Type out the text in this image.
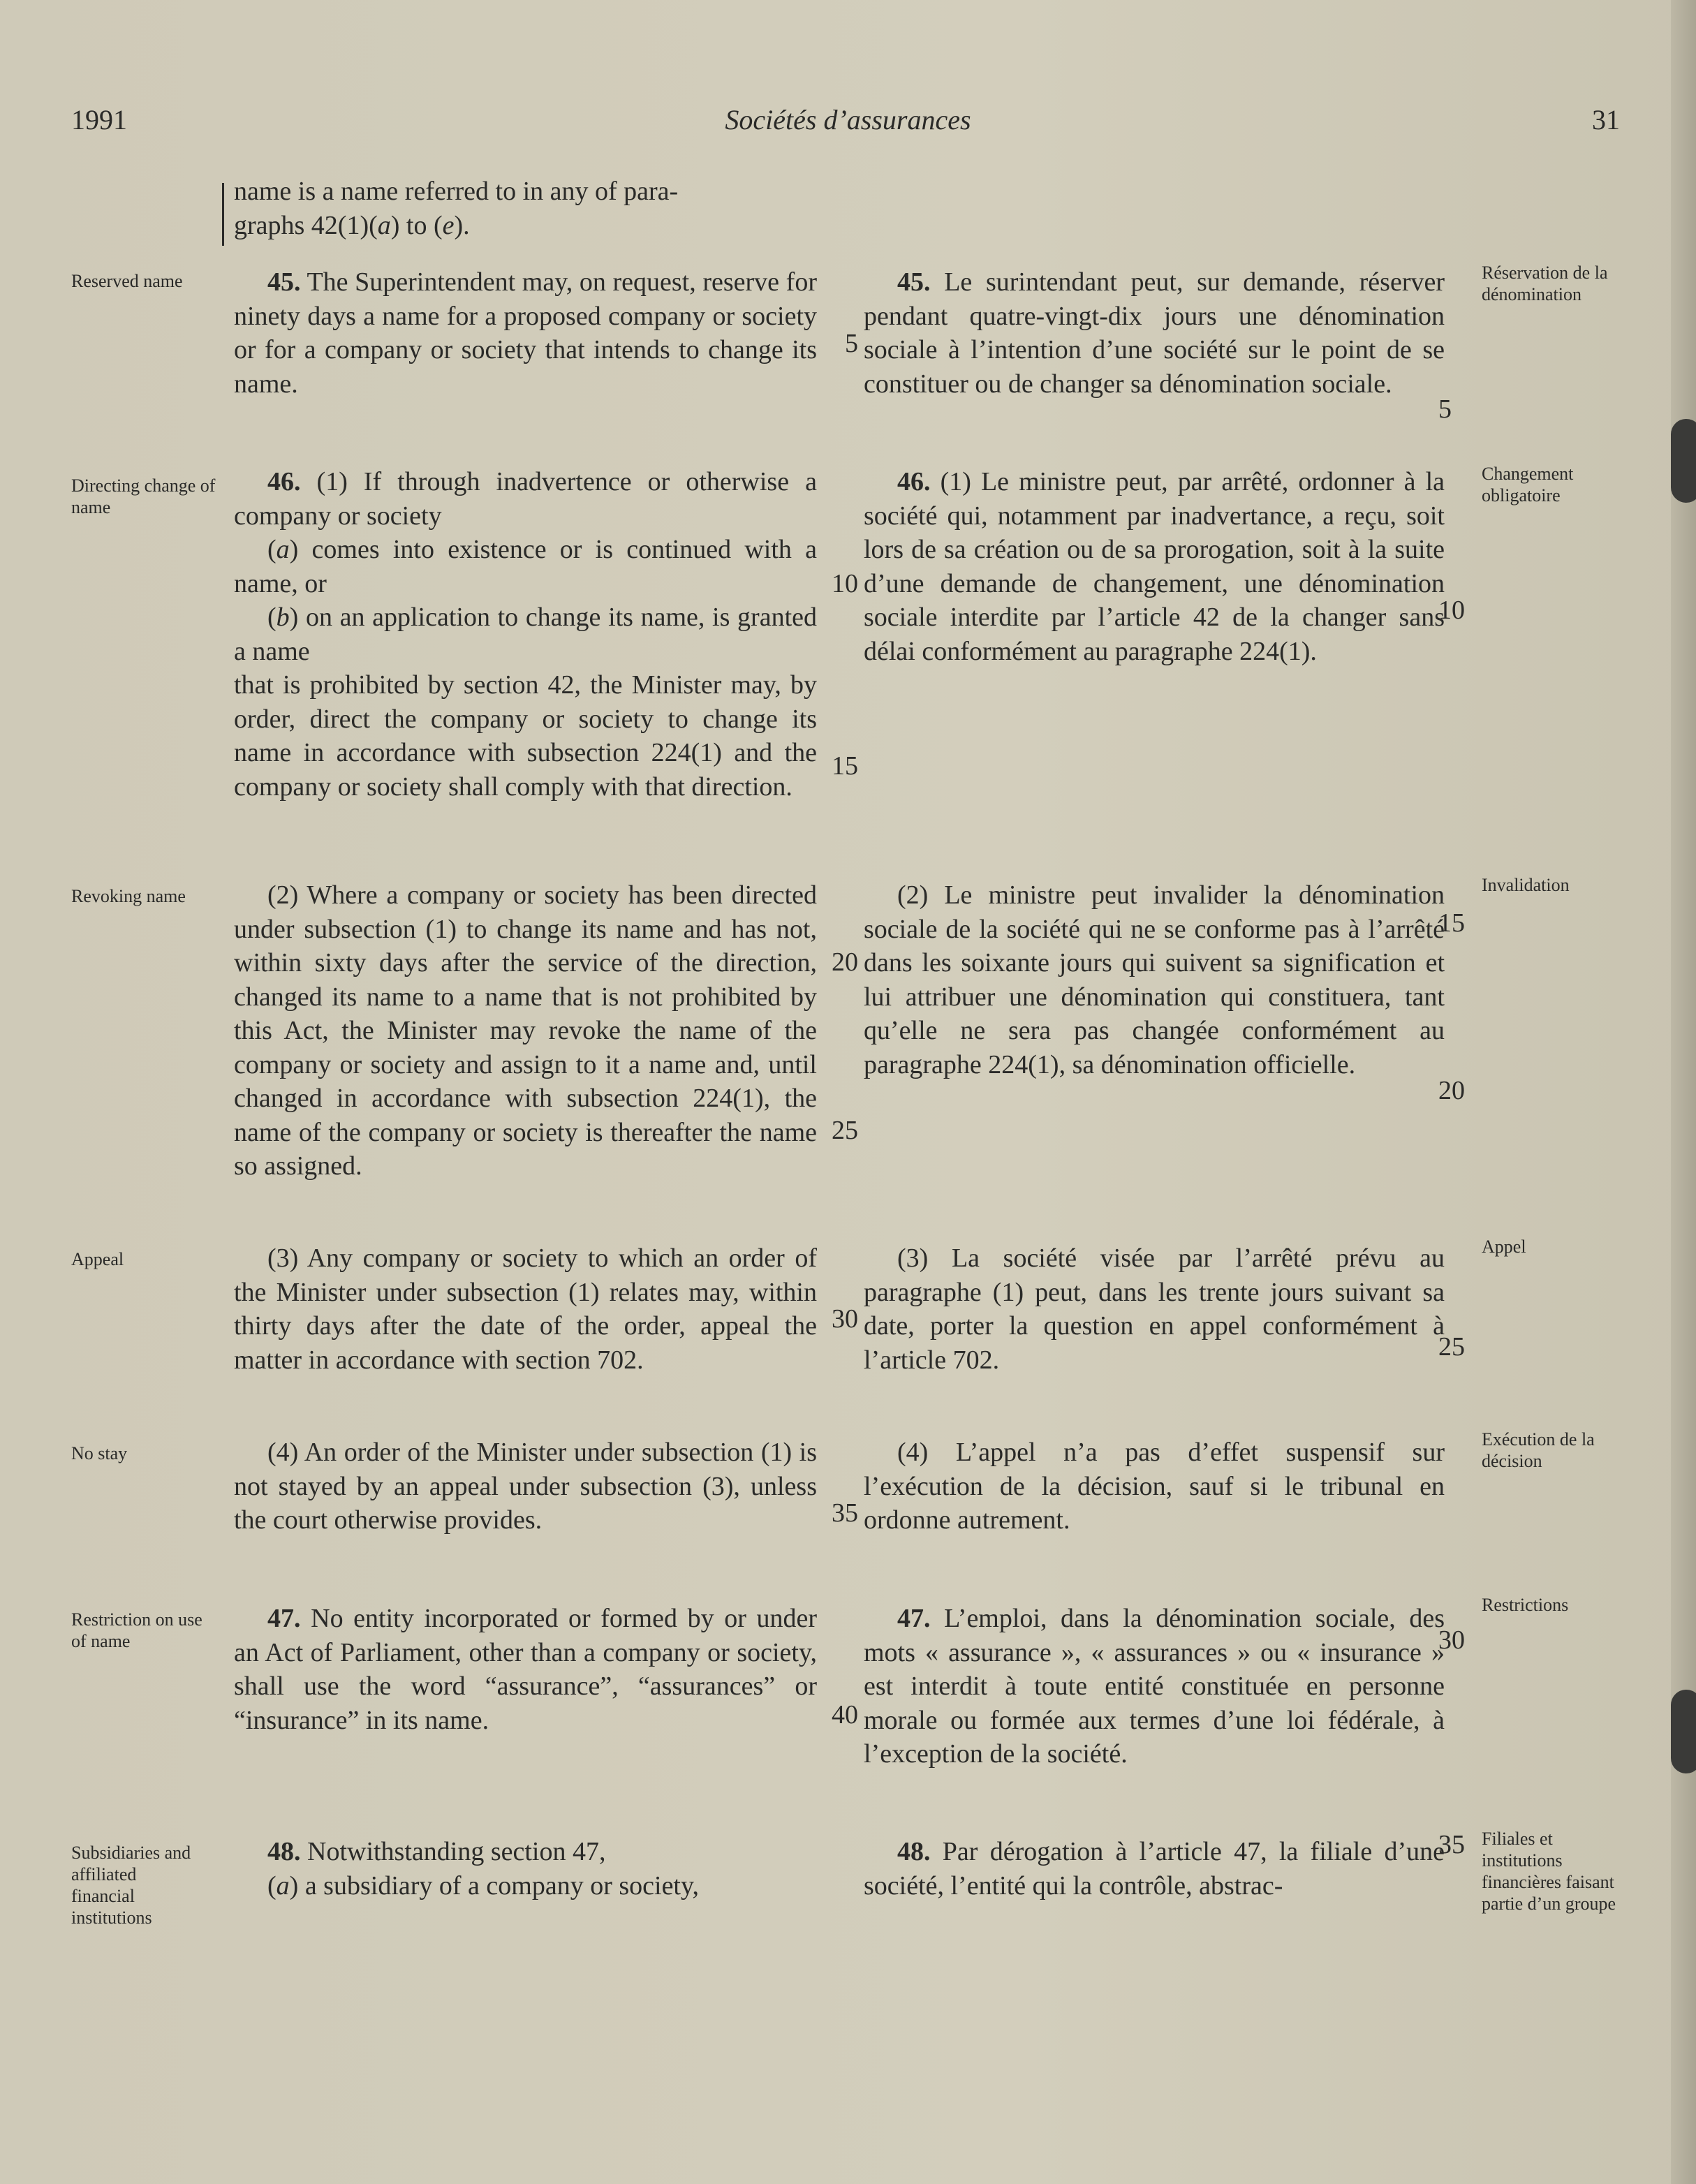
1991	Sociétés d’assurances	31

name is a name referred to in any of para-
graphs 42(1)(a) to (e).

Reserved name	45. The Superintendent may, on request, reserve for ninety days a name for a proposed company or society or for a company or society that intends to change its name.

45. Le surintendant peut, sur demande, réserver pendant quatre-vingt-dix jours une dénomination sociale à l’intention d’une société sur le point de se constituer ou de changer sa dénomination sociale.

Réservation de la dénomination
Directing change of name

46. (1) If through inadvertence or otherwise a company or society

(a) comes into existence or is continued with a name, or

(b) on an application to change its name, is granted a name

that is prohibited by section 42, the Minister may, by order, direct the company or society to change its name in accordance with subsection 224(1) and the company or society shall comply with that direction.

46. (1) Le ministre peut, par arrêté, ordonner à la société qui, notamment par inadvertance, a reçu, soit lors de sa création ou de sa prorogation, soit à la suite d’une demande de changement, une dénomination sociale interdite par l’article 42 de la changer sans délai conformément au paragraphe 224(1).

Changement obligatoire
Revoking name	(2) Where a company or society has been directed under subsection (1) to change its name and has not, within sixty days after the service of the direction, changed its name to a name that is not prohibited by this Act, the Minister may revoke the name of the company or society and assign to it a name and, until changed in accordance with subsection 224(1), the name of the company or society is thereafter the name so assigned.

(2) Le ministre peut invalider la dénomination sociale de la société qui ne se conforme pas à l’arrêté dans les soixante jours qui suivent sa signification et lui attribuer une dénomination qui constituera, tant qu’elle ne sera pas changée conformément au paragraphe 224(1), sa dénomination officielle.

Invalidation
Appeal	(3) Any company or society to which an order of the Minister under subsection (1) relates may, within thirty days after the date of the order, appeal the matter in accordance with section 702.

(3) La société visée par l’arrêté prévu au paragraphe (1) peut, dans les trente jours suivant sa date, porter la question en appel conformément à l’article 702.

Appel
No stay	(4) An order of the Minister under subsection (1) is not stayed by an appeal under subsection (3), unless the court otherwise provides.

(4) L’appel n’a pas d’effet suspensif sur l’exécution de la décision, sauf si le tribunal en ordonne autrement.

Exécution de la décision
Restriction on use of name

47. No entity incorporated or formed by or under an Act of Parliament, other than a company or society, shall use the word “assurance”, “assurances” or “insurance” in its name.

47. L’emploi, dans la dénomination sociale, des mots « assurance », « assurances » ou « insurance » est interdit à toute entité constituée en personne morale ou formée aux termes d’une loi fédérale, à l’exception de la société.

Restrictions
Subsidiaries and affiliated financial institutions

48. Notwithstanding section 47,

(a) a subsidiary of a company or society,

48. Par dérogation à l’article 47, la filiale d’une société, l’entité qui la contrôle, abstrac-

Filiales et institutions financières faisant partie d’un groupe
5
10
15
20
25
30
35
40
5
10
15
20
25
30
35
